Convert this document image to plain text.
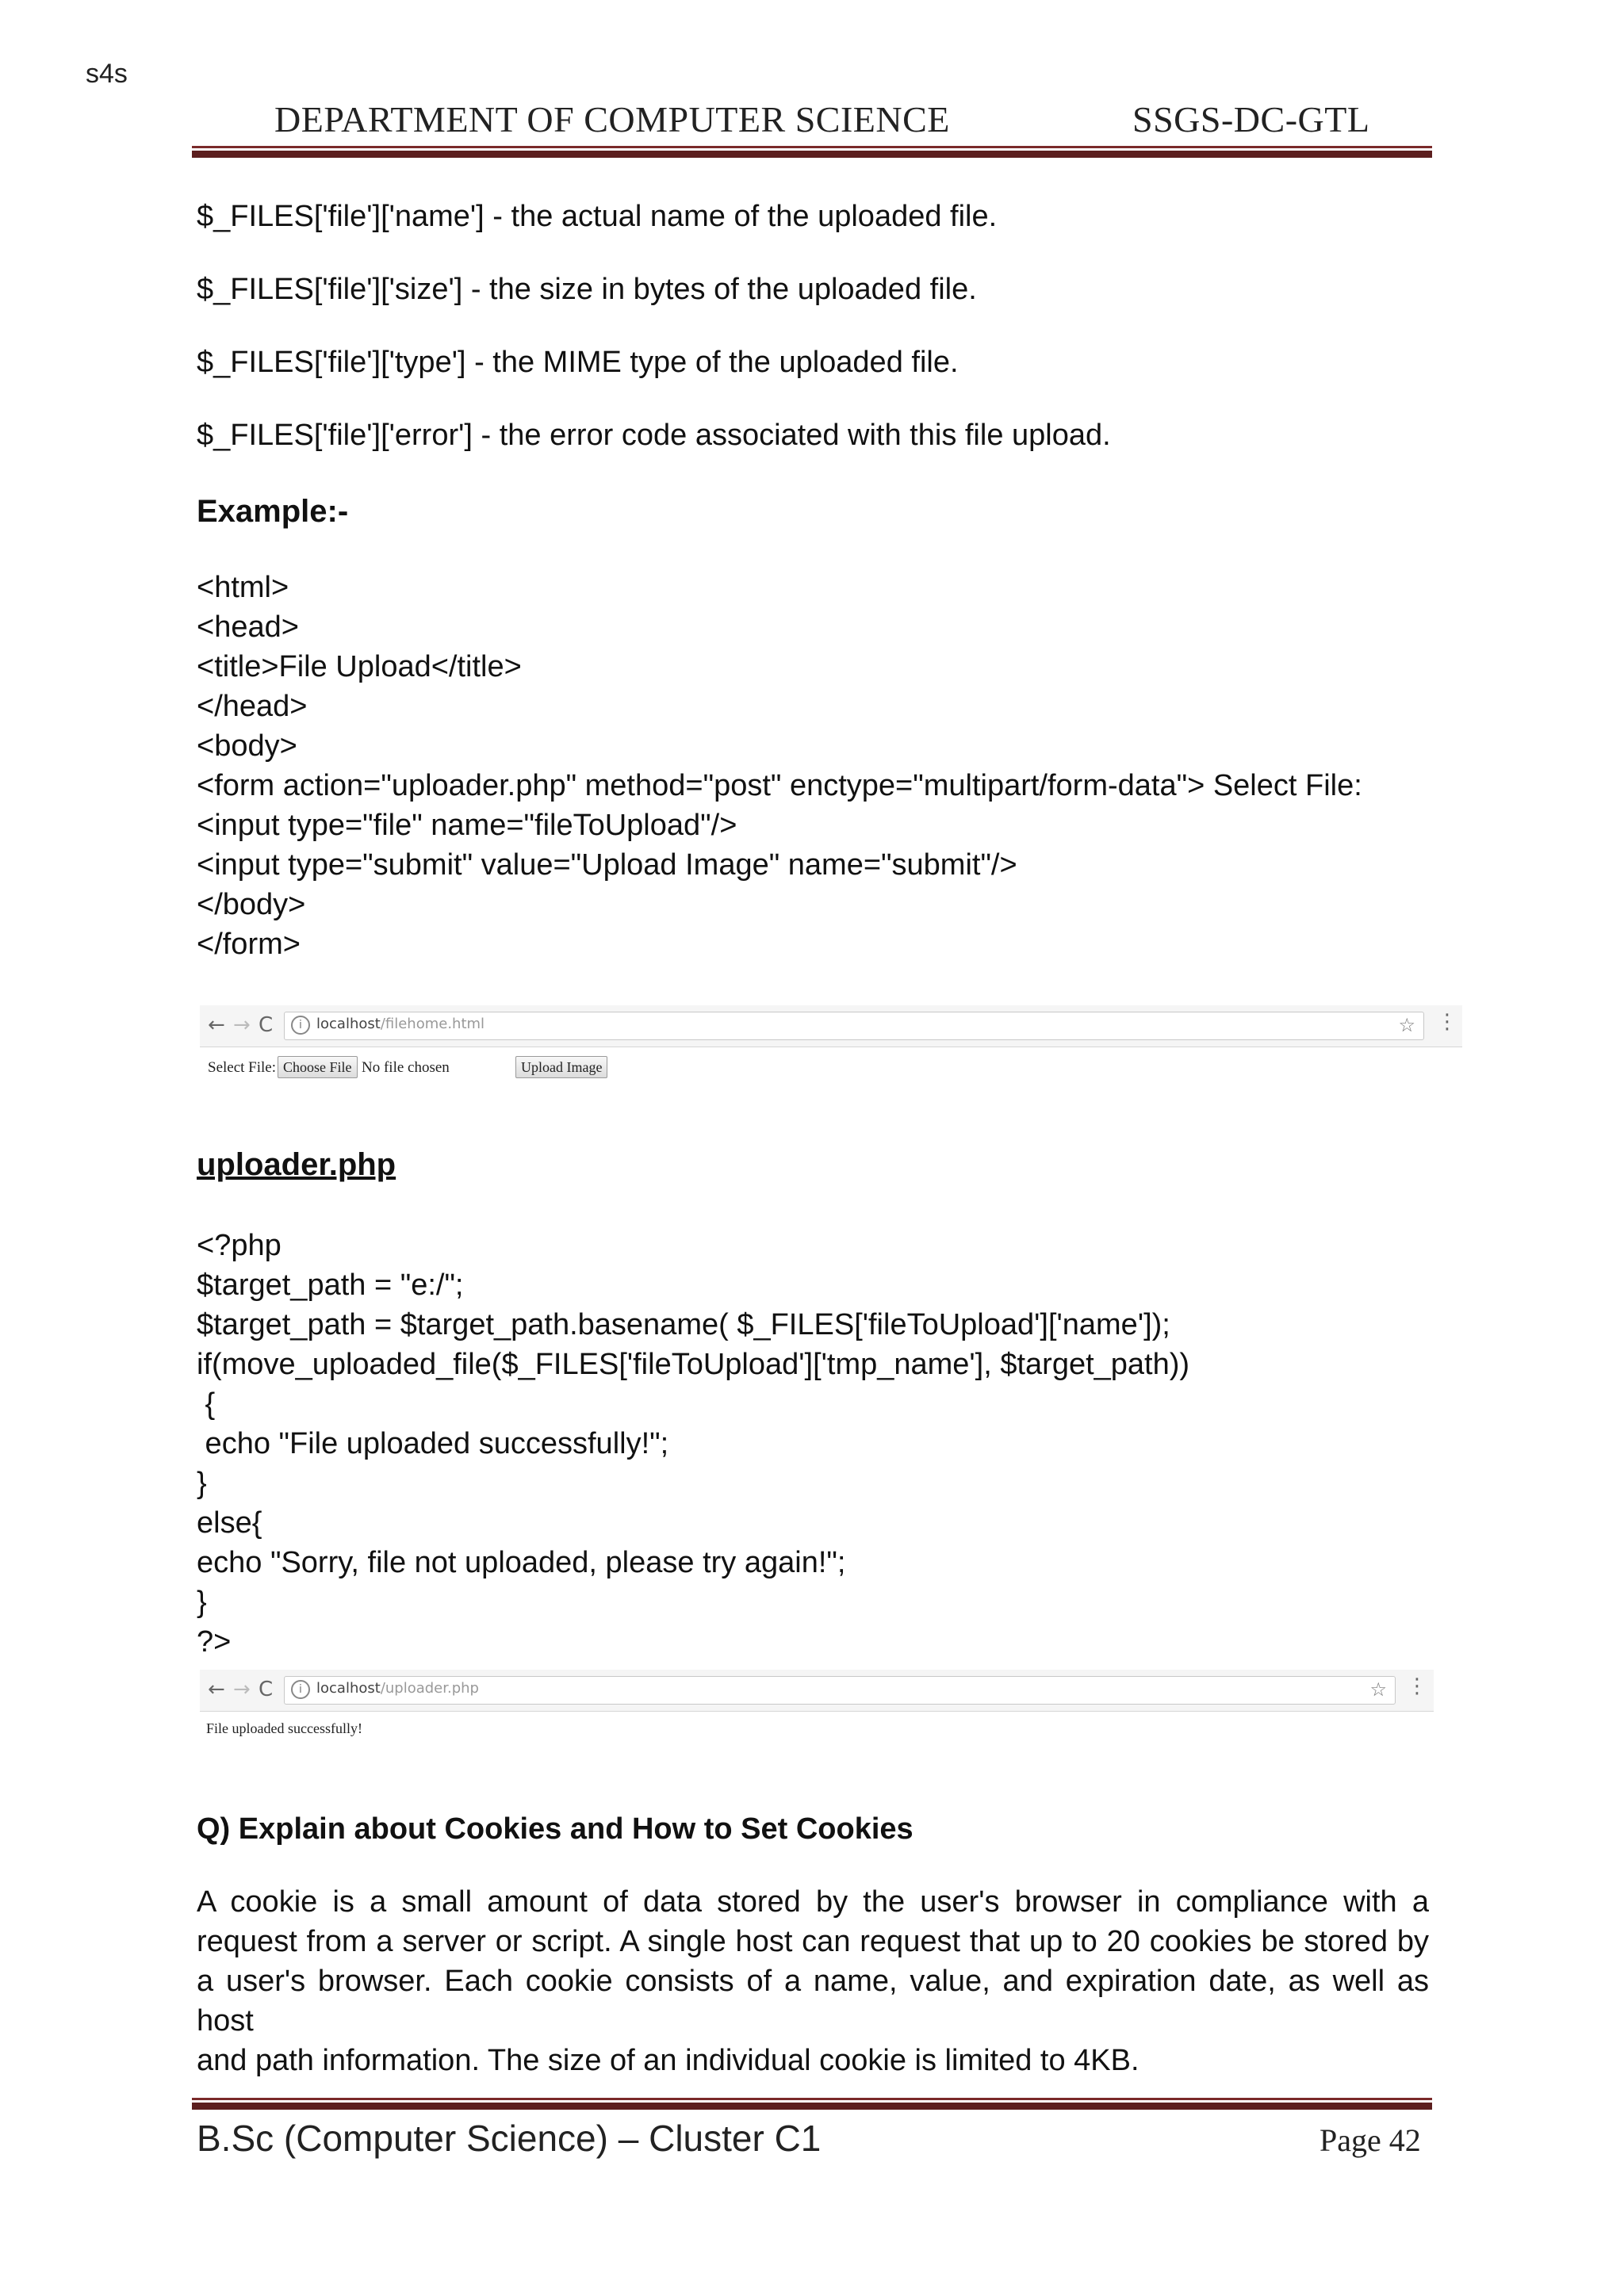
s4s
DEPARTMENT OF COMPUTER SCIENCE	SSGS-DC-GTL
$_FILES['file']['name'] - the actual name of the uploaded file.
$_FILES['file']['size'] - the size in bytes of the uploaded file.
$_FILES['file']['type'] - the MIME type of the uploaded file.
$_FILES['file']['error'] - the error code associated with this file upload.
Example:-
<html>
<head>
<title>File Upload</title>
</head>
<body>
<form action="uploader.php" method="post" enctype="multipart/form-data"> Select File:
<input type="file" name="fileToUpload"/>
<input type="submit" value="Upload Image" name="submit"/>
</body>
</form>
← → C	i	localhost/filehome.html	☆ ⋮
Select File: Choose File No file chosen	Upload Image
uploader.php
<?php
$target_path = "e:/";
$target_path = $target_path.basename( $_FILES['fileToUpload']['name']);
if(move_uploaded_file($_FILES['fileToUpload']['tmp_name'], $target_path))
{
echo "File uploaded successfully!";
}
else{
echo "Sorry, file not uploaded, please try again!";
}
?>
← → C	i	localhost/uploader.php	☆ ⋮
File uploaded successfully!
Q) Explain about Cookies and How to Set Cookies
A cookie is a small amount of data stored by the user's browser in compliance with a
request from a server or script. A single host can request that up to 20 cookies be stored by
a user's browser. Each cookie consists of a name, value, and expiration date, as well as host
and path information. The size of an individual cookie is limited to 4KB.
B.Sc (Computer Science) – Cluster C1	Page 42
